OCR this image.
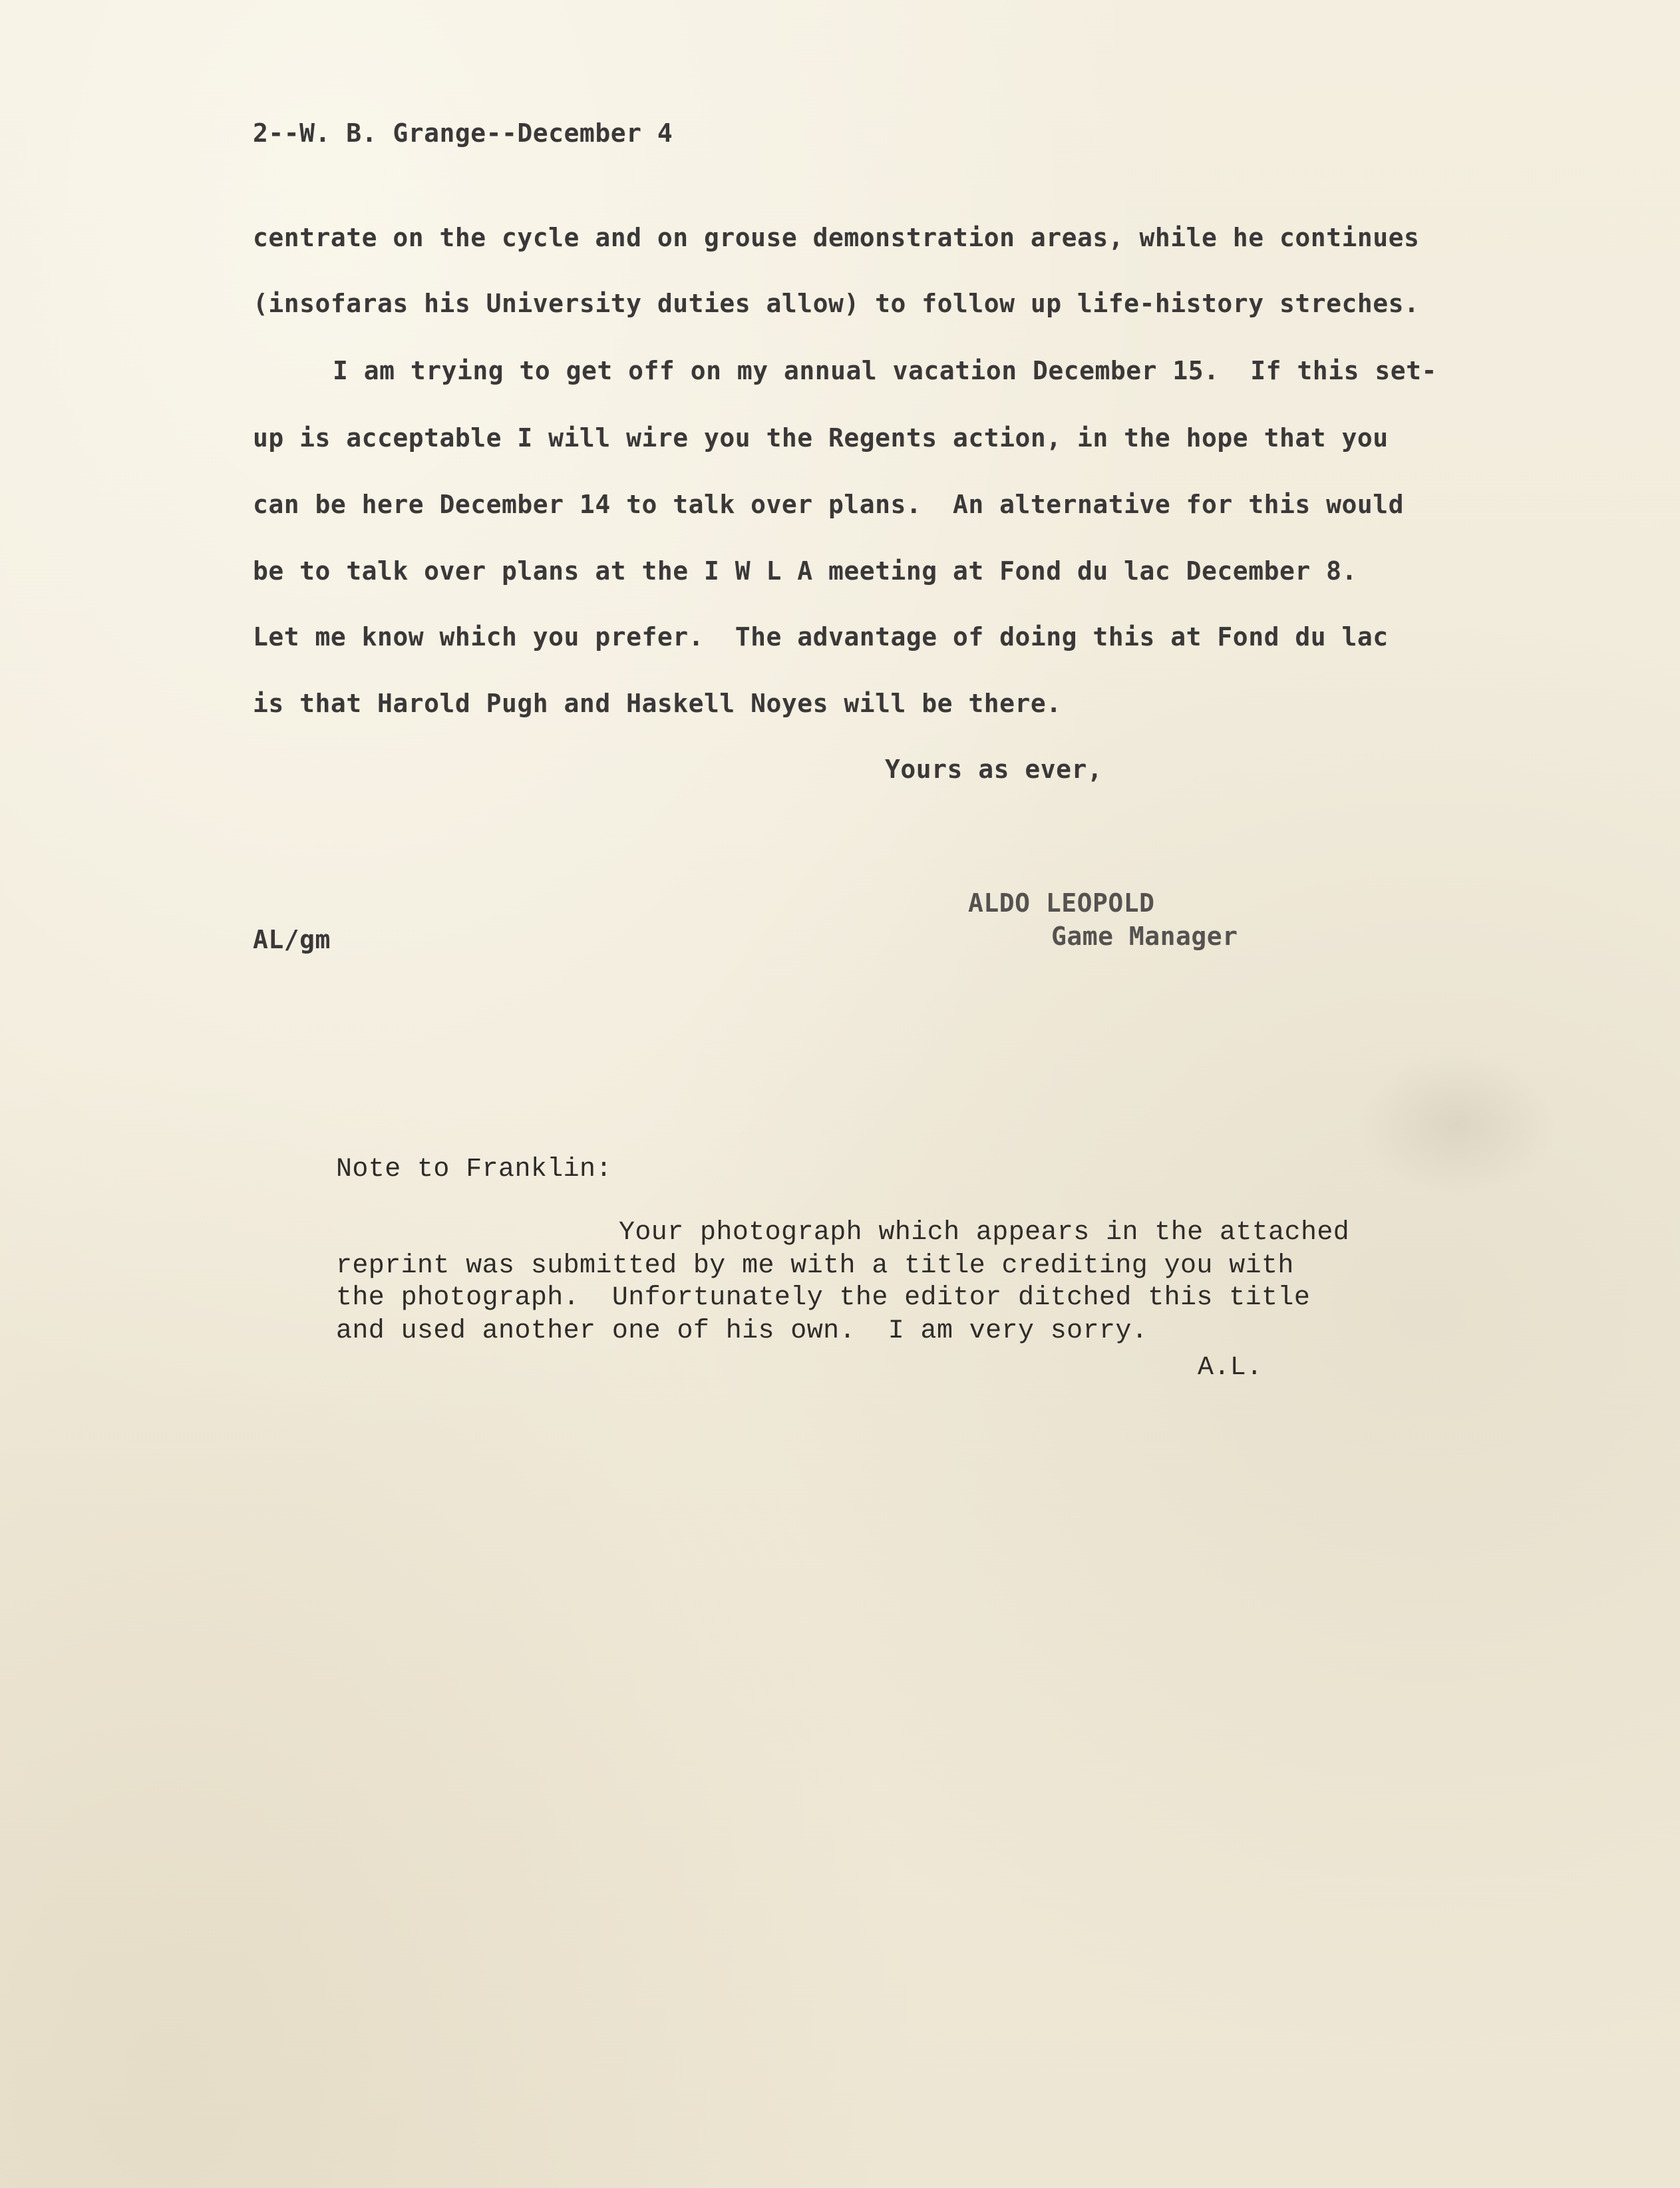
2--W. B. Grange--December 4

centrate on the cycle and on grouse demonstration areas, while he continues

(insofaras his University duties allow) to follow up life-history streches.

I am trying to get off on my annual vacation December 15.  If this set-

up is acceptable I will wire you the Regents action, in the hope that you

can be here December 14 to talk over plans.  An alternative for this would

be to talk over plans at the I W L A meeting at Fond du lac December 8.

Let me know which you prefer.  The advantage of doing this at Fond du lac

is that Harold Pugh and Haskell Noyes will be there.

Yours as ever,

ALDO LEOPOLD

Game Manager

AL/gm

Note to Franklin:

Your photograph which appears in the attached

reprint was submitted by me with a title crediting you with

the photograph.  Unfortunately the editor ditched this title

and used another one of his own.  I am very sorry.

A.L.
